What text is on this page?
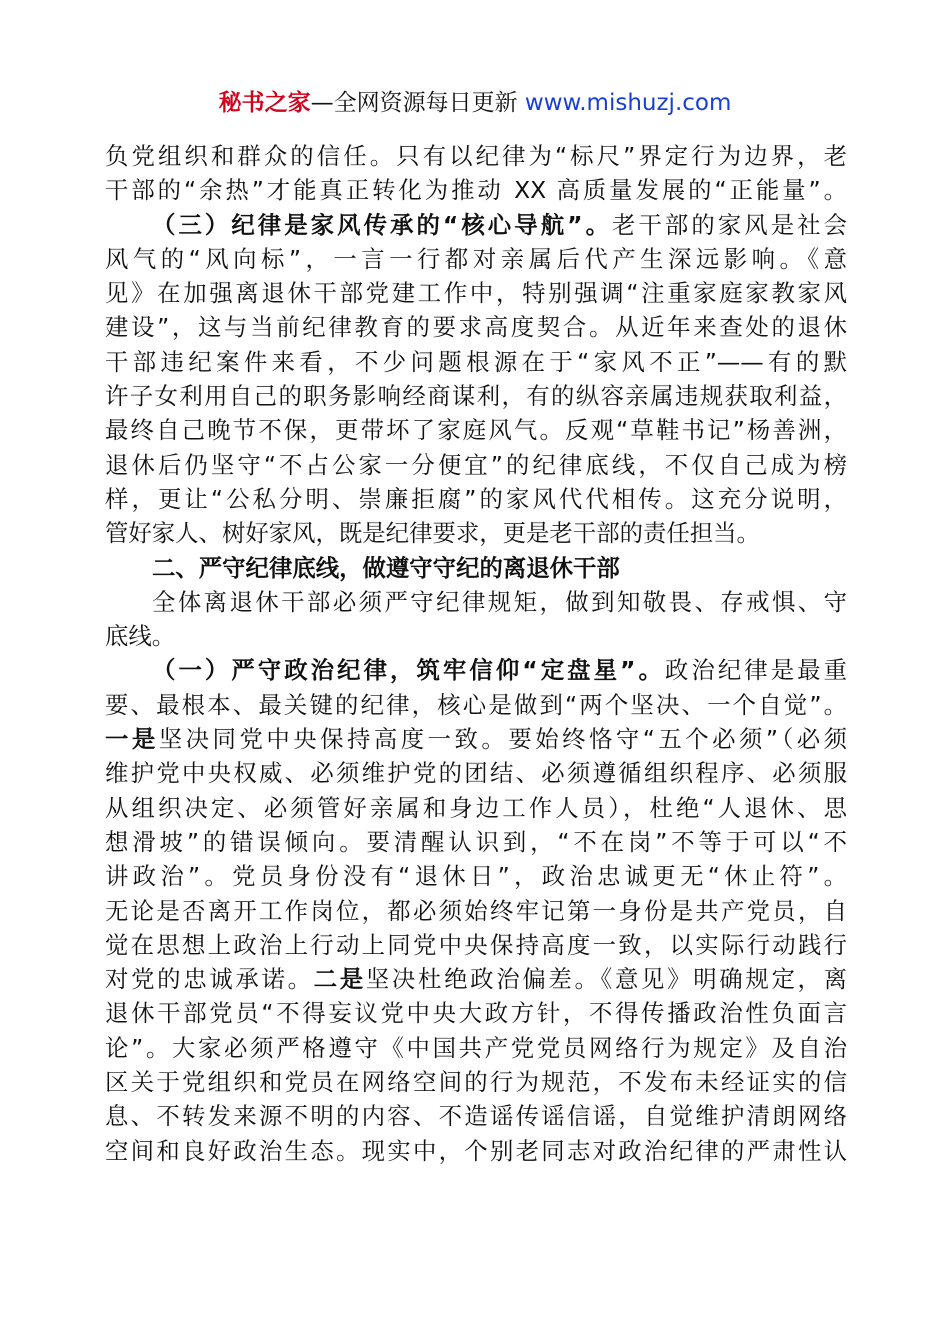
秘书之家—全网资源每日更新 www.mishuzj.com
负党组织和群众的信任。只有以纪律为“标尺”界定行为边界，老
干部的“余热”才能真正转化为推动 XX 高质量发展的“正能量”。
（三）纪律是家风传承的“核心导航”。老干部的家风是社会
风气的“风向标”，一言一行都对亲属后代产生深远影响。《意
见》在加强离退休干部党建工作中，特别强调“注重家庭家教家风
建设”，这与当前纪律教育的要求高度契合。从近年来查处的退休
干部违纪案件来看，不少问题根源在于“家风不正”——有的默
许子女利用自己的职务影响经商谋利，有的纵容亲属违规获取利益，
最终自己晚节不保，更带坏了家庭风气。反观“草鞋书记”杨善洲，
退休后仍坚守“不占公家一分便宜”的纪律底线，不仅自己成为榜
样，更让“公私分明、崇廉拒腐”的家风代代相传。这充分说明，
管好家人、树好家风，既是纪律要求，更是老干部的责任担当。
二、严守纪律底线，做遵守守纪的离退休干部
全体离退休干部必须严守纪律规矩，做到知敬畏、存戒惧、守
底线。
（一）严守政治纪律，筑牢信仰“定盘星”。政治纪律是最重
要、最根本、最关键的纪律，核心是做到“两个坚决、一个自觉”。
一是坚决同党中央保持高度一致。要始终恪守“五个必须”（必须
维护党中央权威、必须维护党的团结、必须遵循组织程序、必须服
从组织决定、必须管好亲属和身边工作人员），杜绝“人退休、思
想滑坡”的错误倾向。要清醒认识到，“不在岗”不等于可以“不
讲政治”。党员身份没有“退休日”，政治忠诚更无“休止符”。
无论是否离开工作岗位，都必须始终牢记第一身份是共产党员，自
觉在思想上政治上行动上同党中央保持高度一致，以实际行动践行
对党的忠诚承诺。二是坚决杜绝政治偏差。《意见》明确规定，离
退休干部党员“不得妄议党中央大政方针，不得传播政治性负面言
论”。大家必须严格遵守《中国共产党党员网络行为规定》及自治
区关于党组织和党员在网络空间的行为规范，不发布未经证实的信
息、不转发来源不明的内容、不造谣传谣信谣，自觉维护清朗网络
空间和良好政治生态。现实中，个别老同志对政治纪律的严肃性认
